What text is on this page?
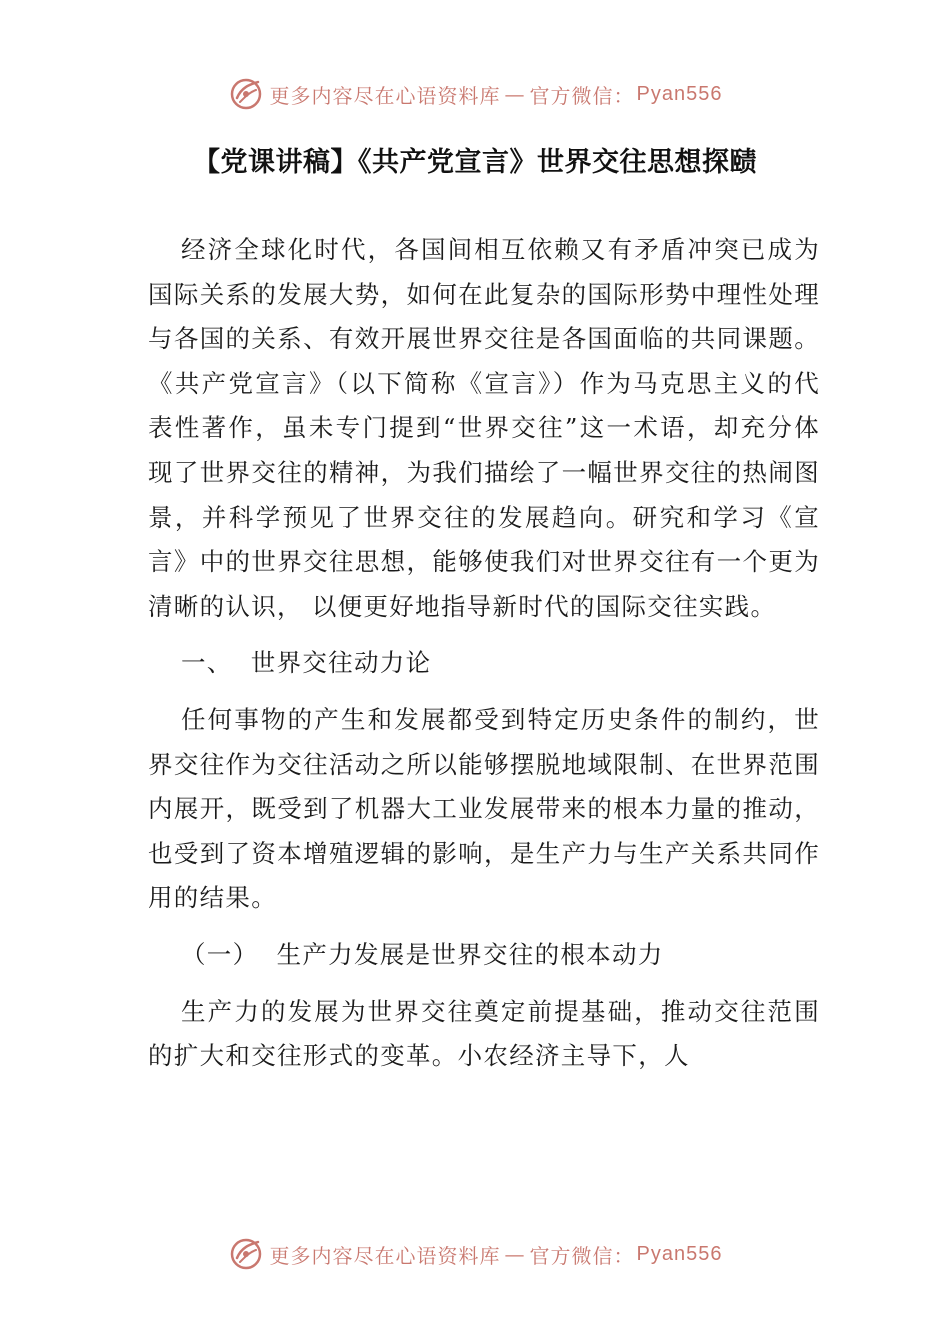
更多内容尽在心语资料库 — 官方微信： Pyan556
【党课讲稿】《共产党宣言》世界交往思想探赜

经济全球化时代，各国间相互依赖又有矛盾冲突已成为国际关系的发展大势，如何在此复杂的国际形势中理性处理与各国的关系、有效开展世界交往是各国面临的共同课题。《共产党宣言》（以下简称《宣言》）作为马克思主义的代表性著作，虽未专门提到“世界交往”这一术语，却充分体现了世界交往的精神，为我们描绘了一幅世界交往的热闹图景，并科学预见了世界交往的发展趋向。研究和学习《宣言》中的世界交往思想，能够使我们对世界交往有一个更为清晰的认识， 以便更好地指导新时代的国际交往实践。

一、  世界交往动力论

任何事物的产生和发展都受到特定历史条件的制约，世界交往作为交往活动之所以能够摆脱地域限制、在世界范围内展开，既受到了机器大工业发展带来的根本力量的推动，也受到了资本增殖逻辑的影响，是生产力与生产关系共同作用的结果。

（一）  生产力发展是世界交往的根本动力

生产力的发展为世界交往奠定前提基础，推动交往范围的扩大和交往形式的变革。小农经济主导下，人

更多内容尽在心语资料库 — 官方微信： Pyan556
